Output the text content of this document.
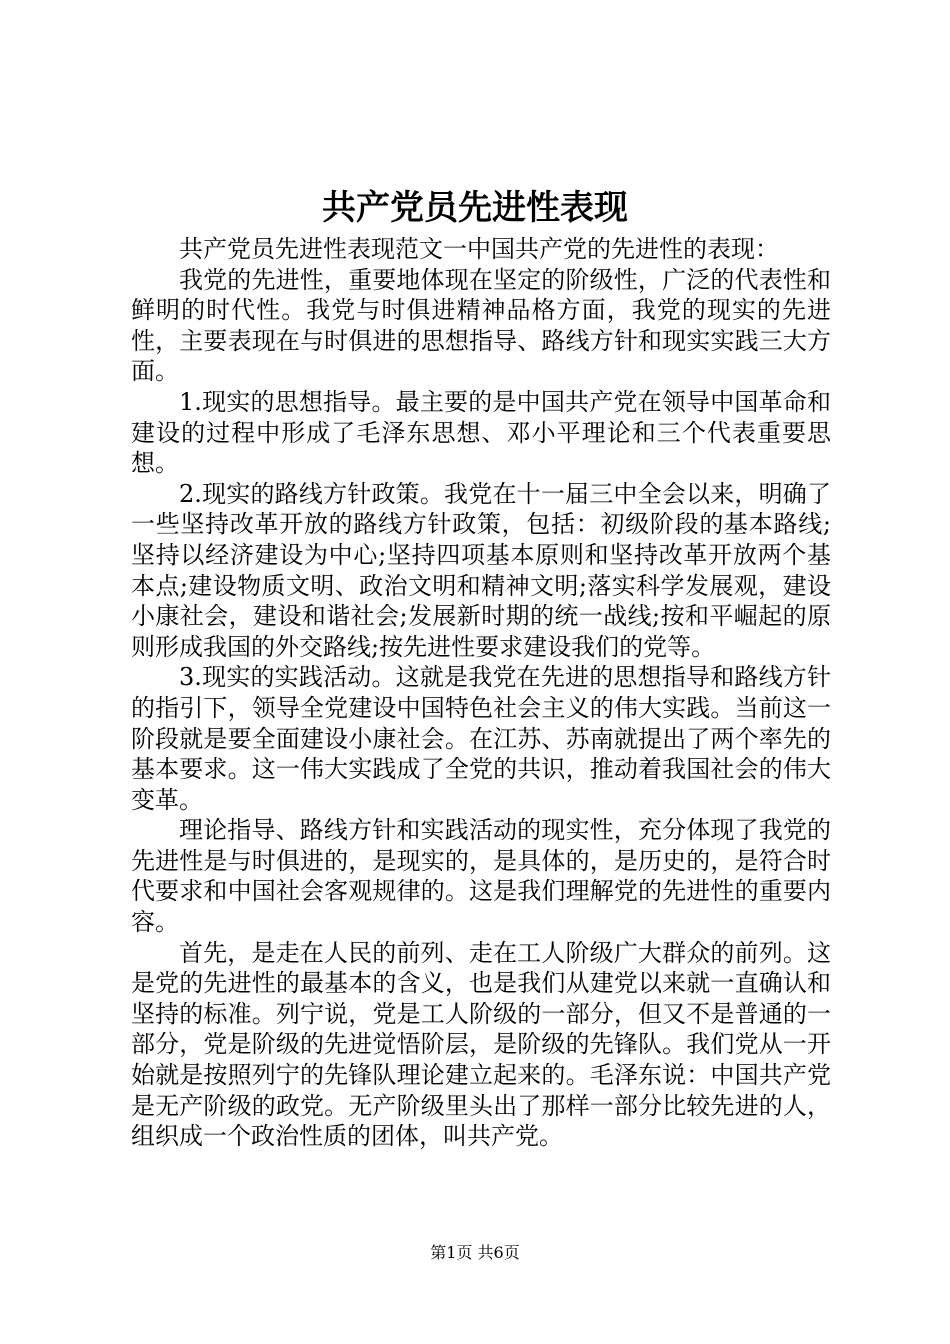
共产党员先进性表现

共产党员先进性表现范文一中国共产党的先进性的表现：

我党的先进性，重要地体现在坚定的阶级性，广泛的代表性和鲜明的时代性。我党与时俱进精神品格方面，我党的现实的先进性，主要表现在与时俱进的思想指导、路线方针和现实实践三大方面。

1.现实的思想指导。最主要的是中国共产党在领导中国革命和建设的过程中形成了毛泽东思想、邓小平理论和三个代表重要思想。

2.现实的路线方针政策。我党在十一届三中全会以来，明确了一些坚持改革开放的路线方针政策，包括：初级阶段的基本路线;坚持以经济建设为中心;坚持四项基本原则和坚持改革开放两个基本点;建设物质文明、政治文明和精神文明;落实科学发展观，建设小康社会，建设和谐社会;发展新时期的统一战线;按和平崛起的原则形成我国的外交路线;按先进性要求建设我们的党等。

3.现实的实践活动。这就是我党在先进的思想指导和路线方针的指引下，领导全党建设中国特色社会主义的伟大实践。当前这一阶段就是要全面建设小康社会。在江苏、苏南就提出了两个率先的基本要求。这一伟大实践成了全党的共识，推动着我国社会的伟大变革。

理论指导、路线方针和实践活动的现实性，充分体现了我党的先进性是与时俱进的，是现实的，是具体的，是历史的，是符合时代要求和中国社会客观规律的。这是我们理解党的先进性的重要内容。

首先，是走在人民的前列、走在工人阶级广大群众的前列。这是党的先进性的最基本的含义，也是我们从建党以来就一直确认和坚持的标准。列宁说，党是工人阶级的一部分，但又不是普通的一部分，党是阶级的先进觉悟阶层，是阶级的先锋队。我们党从一开始就是按照列宁的先锋队理论建立起来的。毛泽东说：中国共产党是无产阶级的政党。无产阶级里头出了那样一部分比较先进的人，组织成一个政治性质的团体，叫共产党。

第1页 共6页
